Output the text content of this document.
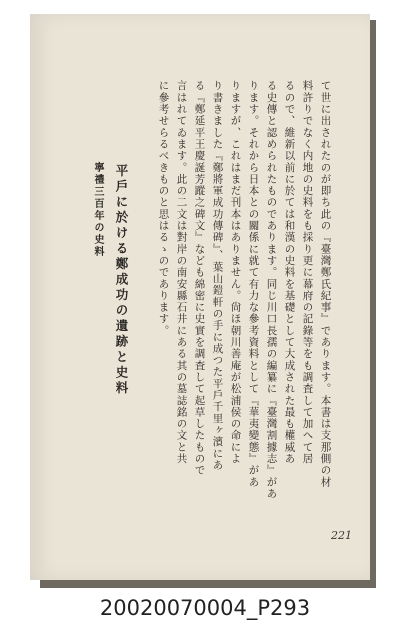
て世に出されたのが即ち此の『臺灣鄭氏紀事』であります。本書は支那側の材
料許りでなく内地の史料をも採り更に幕府の記錄等をも調査して加へて居
るので、維新以前に於ては和漢の史料を基礎として大成された最も權威あ
る史傳と認められたものであります。同じ川口長孺の編纂に『臺灣割據志』があ
ります。それから日本との關係に就て有力な參考資料として『華夷變態』があ
りますが、これはまだ刊本はありません。尙ほ朝川善庵が松浦侯の命によ
り書きました『鄭將軍成功傳碑』、葉山鎧軒の手に成つた平戶千里ヶ濱にあ
る『鄭延平王慶誕芳蹤之碑文』なども綿密に史實を調査して起草したもので
言はれてゐます。此の二文は對岸の南安縣石井にある其の墓誌銘の文と共
に參考せらるべきものと思はるゝのであります。
平戶に於ける鄭成功の遺跡と史料
寧禮三百年の史料
221
20020070004_P293
